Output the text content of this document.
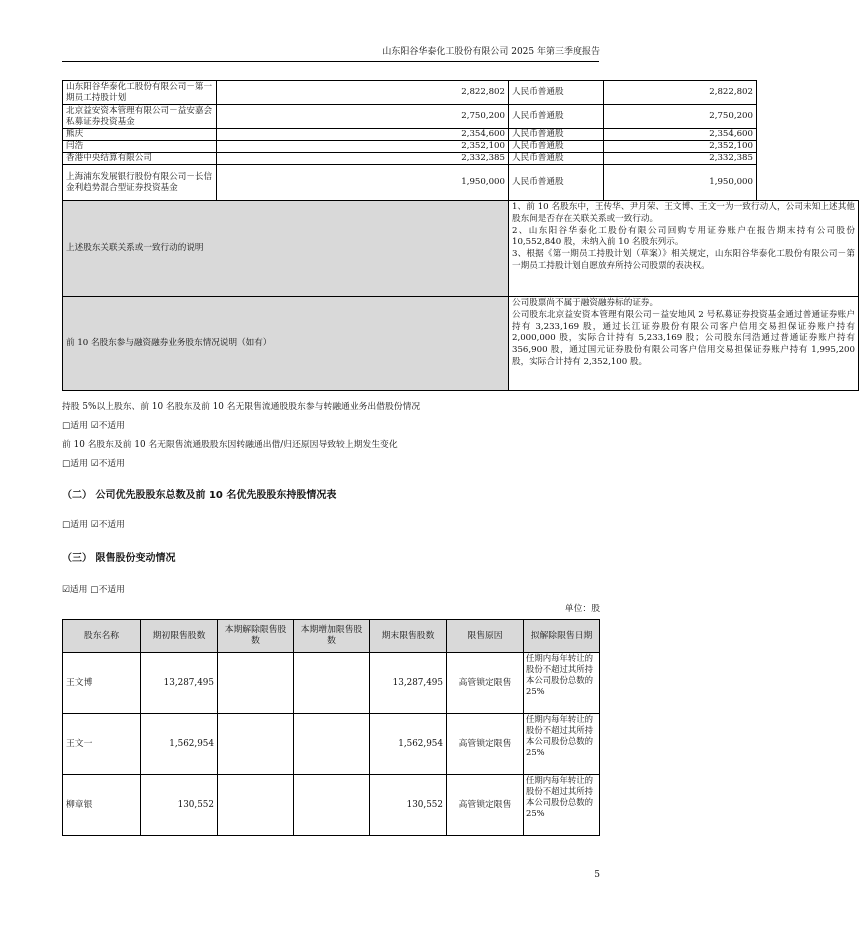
山东阳谷华泰化工股份有限公司 2025 年第三季度报告
山东阳谷华泰化工股份有限公司－第一期员工持股计划	2,822,802	人民币普通股	2,822,802
北京益安资本管理有限公司－益安嘉会私募证券投资基金	2,750,200	人民币普通股	2,750,200
熊庆	2,354,600	人民币普通股	2,354,600
闫浩	2,352,100	人民币普通股	2,352,100
香港中央结算有限公司	2,332,385	人民币普通股	2,332,385
上海浦东发展银行股份有限公司－长信金利趋势混合型证券投资基金	1,950,000	人民币普通股	1,950,000
上述股东关联关系或一致行动的说明		1、前 10 名股东中，王传华、尹月荣、王文博、王文一为一致行动人，公司未知上述其他股东间是否存在关联关系或一致行动。

2、山东阳谷华泰化工股份有限公司回购专用证券账户在报告期末持有公司股份 10,552,840 股，未纳入前 10 名股东列示。

3、根据《第一期员工持股计划（草案）》相关规定，山东阳谷华泰化工股份有限公司－第一期员工持股计划自愿放弃所持公司股票的表决权。	

前 10 名股东参与融资融券业务股东情况说明（如有）		公司股票尚不属于融资融券标的证券。

公司股东北京益安资本管理有限公司－益安地风 2 号私募证券投资基金通过普通证券账户持有 3,233,169 股，通过长江证券股份有限公司客户信用交易担保证券账户持有 2,000,000 股，实际合计持有 5,233,169 股；公司股东闫浩通过普通证券账户持有 356,900 股，通过国元证券股份有限公司客户信用交易担保证券账户持有 1,995,200 股，实际合计持有 2,352,100 股。	

持股 5%以上股东、前 10 名股东及前 10 名无限售流通股股东参与转融通业务出借股份情况
□适用 ☑不适用
前 10 名股东及前 10 名无限售流通股股东因转融通出借/归还原因导致较上期发生变化
□适用 ☑不适用
（二） 公司优先股股东总数及前 10 名优先股股东持股情况表
□适用 ☑不适用
（三） 限售股份变动情况
☑适用 □不适用
单位：股
股东名称	期初限售股数	本期解除限售股数	本期增加限售股数	期末限售股数	限售原因	拟解除限售日期
王文博	13,287,495			13,287,495	高管锁定限售	任期内每年转让的股份不超过其所持本公司股份总数的 25%
王文一	1,562,954			1,562,954	高管锁定限售	任期内每年转让的股份不超过其所持本公司股份总数的 25%
柳章银	130,552			130,552	高管锁定限售	任期内每年转让的股份不超过其所持本公司股份总数的 25%
5
